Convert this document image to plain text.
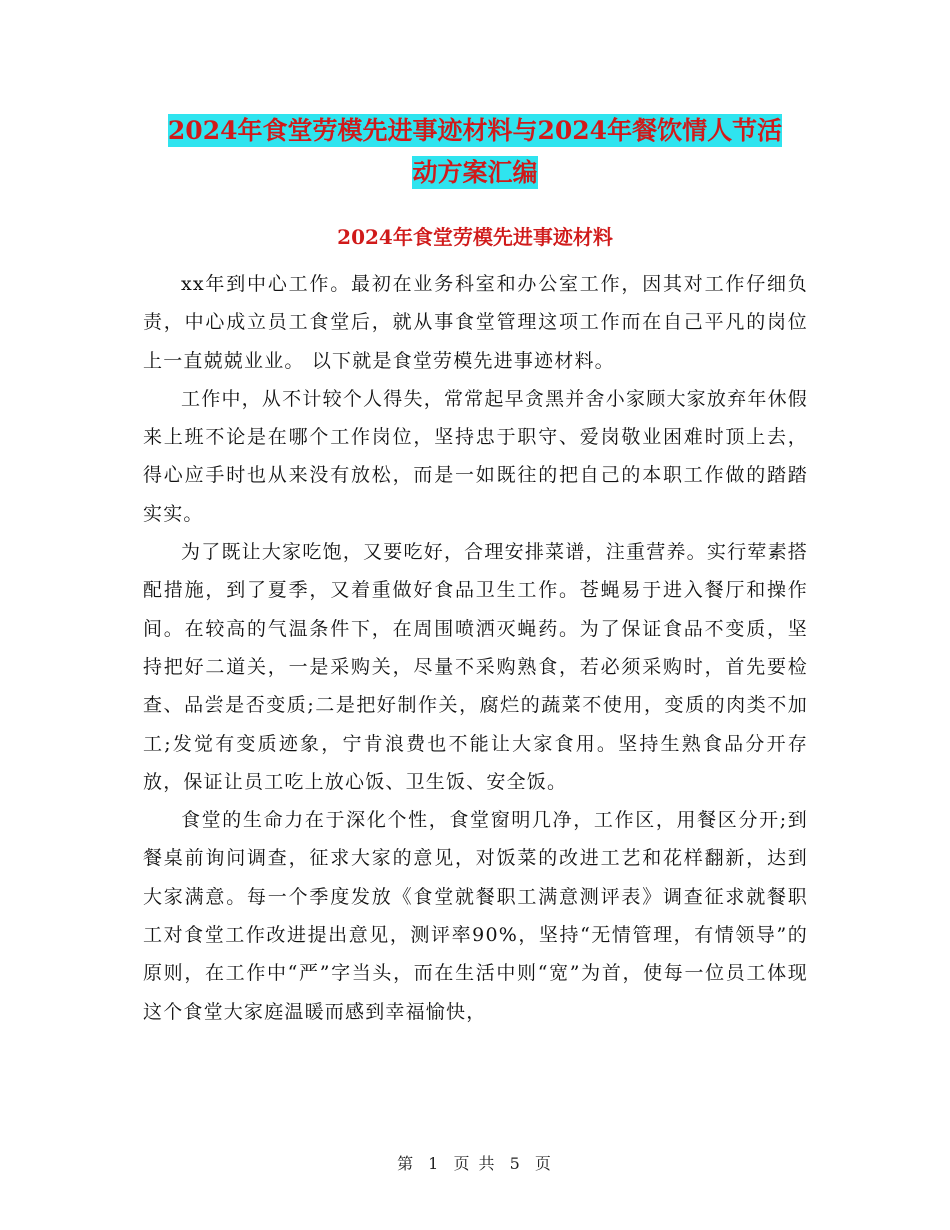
2024年食堂劳模先进事迹材料与2024年餐饮情人节活
动方案汇编
2024年食堂劳模先进事迹材料

xx年到中心工作。最初在业务科室和办公室工作，因其对工作仔细负责，中心成立员工食堂后，就从事食堂管理这项工作而在自己平凡的岗位上一直兢兢业业。 以下就是食堂劳模先进事迹材料。

工作中，从不计较个人得失，常常起早贪黑并舍小家顾大家放弃年休假来上班不论是在哪个工作岗位，坚持忠于职守、爱岗敬业困难时顶上去，得心应手时也从来没有放松，而是一如既往的把自己的本职工作做的踏踏实实。

为了既让大家吃饱，又要吃好，合理安排菜谱，注重营养。实行荤素搭配措施，到了夏季，又着重做好食品卫生工作。苍蝇易于进入餐厅和操作间。在较高的气温条件下，在周围喷洒灭蝇药。为了保证食品不变质，坚持把好二道关，一是采购关，尽量不采购熟食，若必须采购时，首先要检查、品尝是否变质;二是把好制作关，腐烂的蔬菜不使用，变质的肉类不加工;发觉有变质迹象，宁肯浪费也不能让大家食用。坚持生熟食品分开存放，保证让员工吃上放心饭、卫生饭、安全饭。

食堂的生命力在于深化个性，食堂窗明几净，工作区，用餐区分开;到餐桌前询问调查，征求大家的意见，对饭菜的改进工艺和花样翻新，达到大家满意。每一个季度发放《食堂就餐职工满意测评表》调查征求就餐职工对食堂工作改进提出意见，测评率90%，坚持“无情管理，有情领导”的原则，在工作中“严”字当头，而在生活中则“宽”为首，使每一位员工体现这个食堂大家庭温暖而感到幸福愉快，

第 1 页 共 5 页
